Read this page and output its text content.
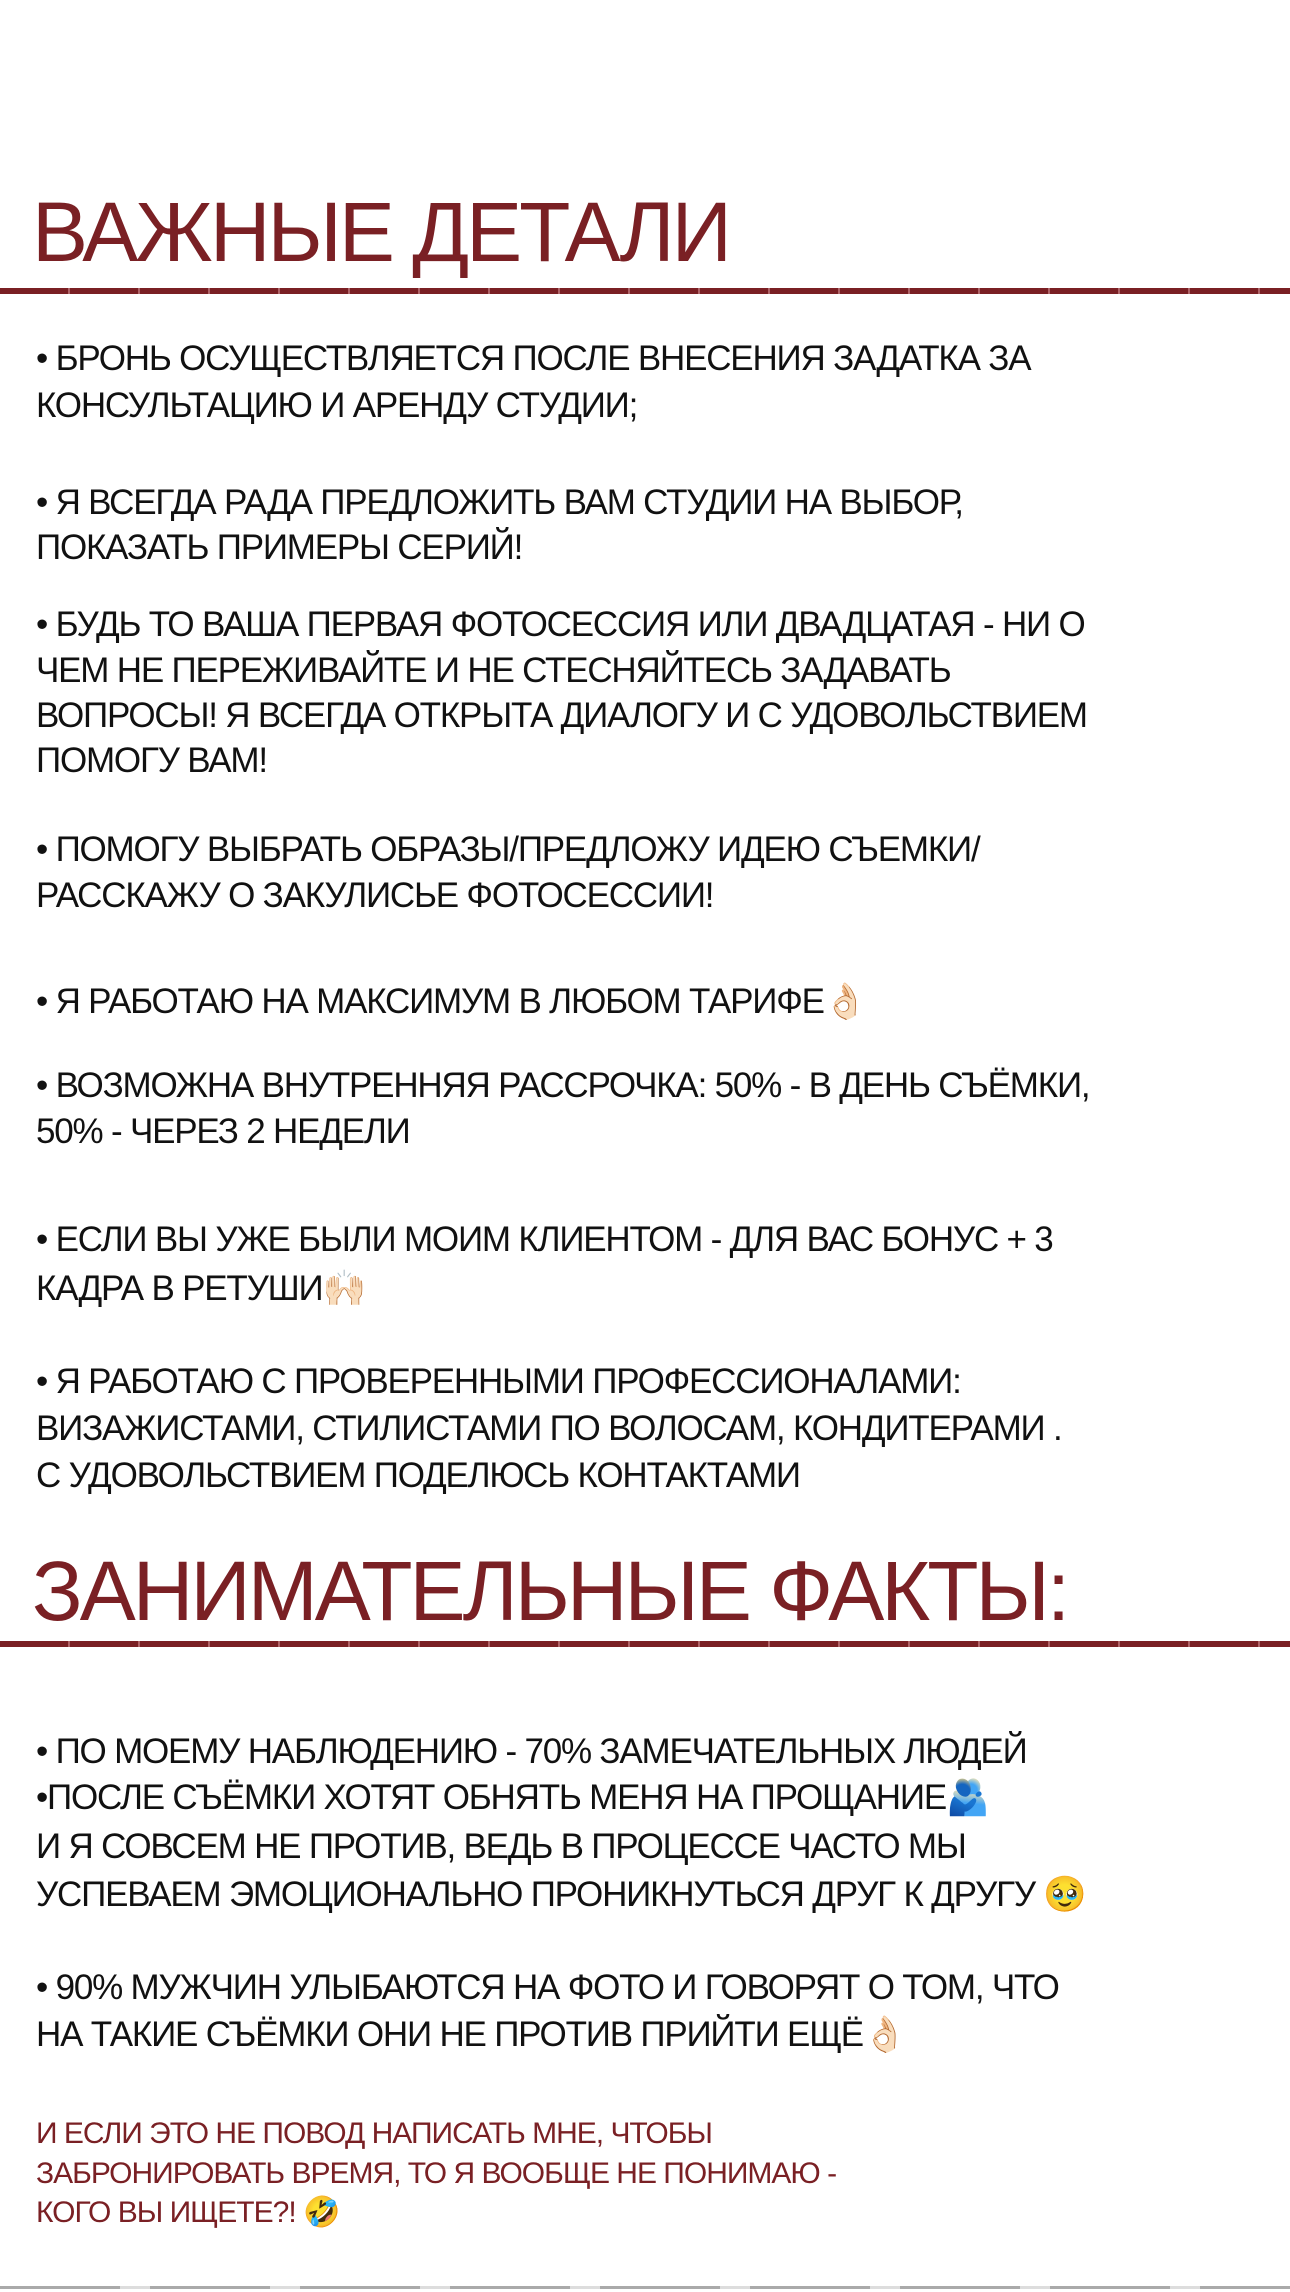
ВАЖНЫЕ ДЕТАЛИ
• БРОНЬ ОСУЩЕСТВЛЯЕТСЯ ПОСЛЕ ВНЕСЕНИЯ ЗАДАТКА ЗА
КОНСУЛЬТАЦИЮ И АРЕНДУ СТУДИИ;
• Я ВСЕГДА РАДА ПРЕДЛОЖИТЬ ВАМ СТУДИИ НА ВЫБОР,
ПОКАЗАТЬ ПРИМЕРЫ СЕРИЙ!
• БУДЬ ТО ВАША ПЕРВАЯ ФОТОСЕССИЯ ИЛИ ДВАДЦАТАЯ - НИ О
ЧЕМ НЕ ПЕРЕЖИВАЙТЕ И НЕ СТЕСНЯЙТЕСЬ ЗАДАВАТЬ
ВОПРОСЫ! Я ВСЕГДА ОТКРЫТА ДИАЛОГУ И С УДОВОЛЬСТВИЕМ
ПОМОГУ ВАМ!
• ПОМОГУ ВЫБРАТЬ ОБРАЗЫ/ПРЕДЛОЖУ ИДЕЮ СЪЕМКИ/
РАССКАЖУ О ЗАКУЛИСЬЕ ФОТОСЕССИИ!
• Я РАБОТАЮ НА МАКСИМУМ В ЛЮБОМ ТАРИФЕ👌🏻
• ВОЗМОЖНА ВНУТРЕННЯЯ РАССРОЧКА: 50% - В ДЕНЬ СЪЁМКИ,
50% - ЧЕРЕЗ 2 НЕДЕЛИ
• ЕСЛИ ВЫ УЖЕ БЫЛИ МОИМ КЛИЕНТОМ - ДЛЯ ВАС БОНУС + 3
КАДРА В РЕТУШИ🙌🏻
• Я РАБОТАЮ С ПРОВЕРЕННЫМИ ПРОФЕССИОНАЛАМИ:
ВИЗАЖИСТАМИ, СТИЛИСТАМИ ПО ВОЛОСАМ, КОНДИТЕРАМИ .
С УДОВОЛЬСТВИЕМ ПОДЕЛЮСЬ КОНТАКТАМИ
ЗАНИМАТЕЛЬНЫЕ ФАКТЫ:
• ПО МОЕМУ НАБЛЮДЕНИЮ - 70% ЗАМЕЧАТЕЛЬНЫХ ЛЮДЕЙ
•ПОСЛЕ СЪЁМКИ ХОТЯТ ОБНЯТЬ МЕНЯ НА ПРОЩАНИЕ🫂
И Я СОВСЕМ НЕ ПРОТИВ, ВЕДЬ В ПРОЦЕССЕ ЧАСТО МЫ
УСПЕВАЕМ ЭМОЦИОНАЛЬНО ПРОНИКНУТЬСЯ ДРУГ К ДРУГУ 🥹
• 90% МУЖЧИН УЛЫБАЮТСЯ НА ФОТО И ГОВОРЯТ О ТОМ, ЧТО
НА ТАКИЕ СЪЁМКИ ОНИ НЕ ПРОТИВ ПРИЙТИ ЕЩЁ👌🏻
И ЕСЛИ ЭТО НЕ ПОВОД НАПИСАТЬ МНЕ, ЧТОБЫ
ЗАБРОНИРОВАТЬ ВРЕМЯ, ТО Я ВООБЩЕ НЕ ПОНИМАЮ -
КОГО ВЫ ИЩЕТЕ?! 🤣
